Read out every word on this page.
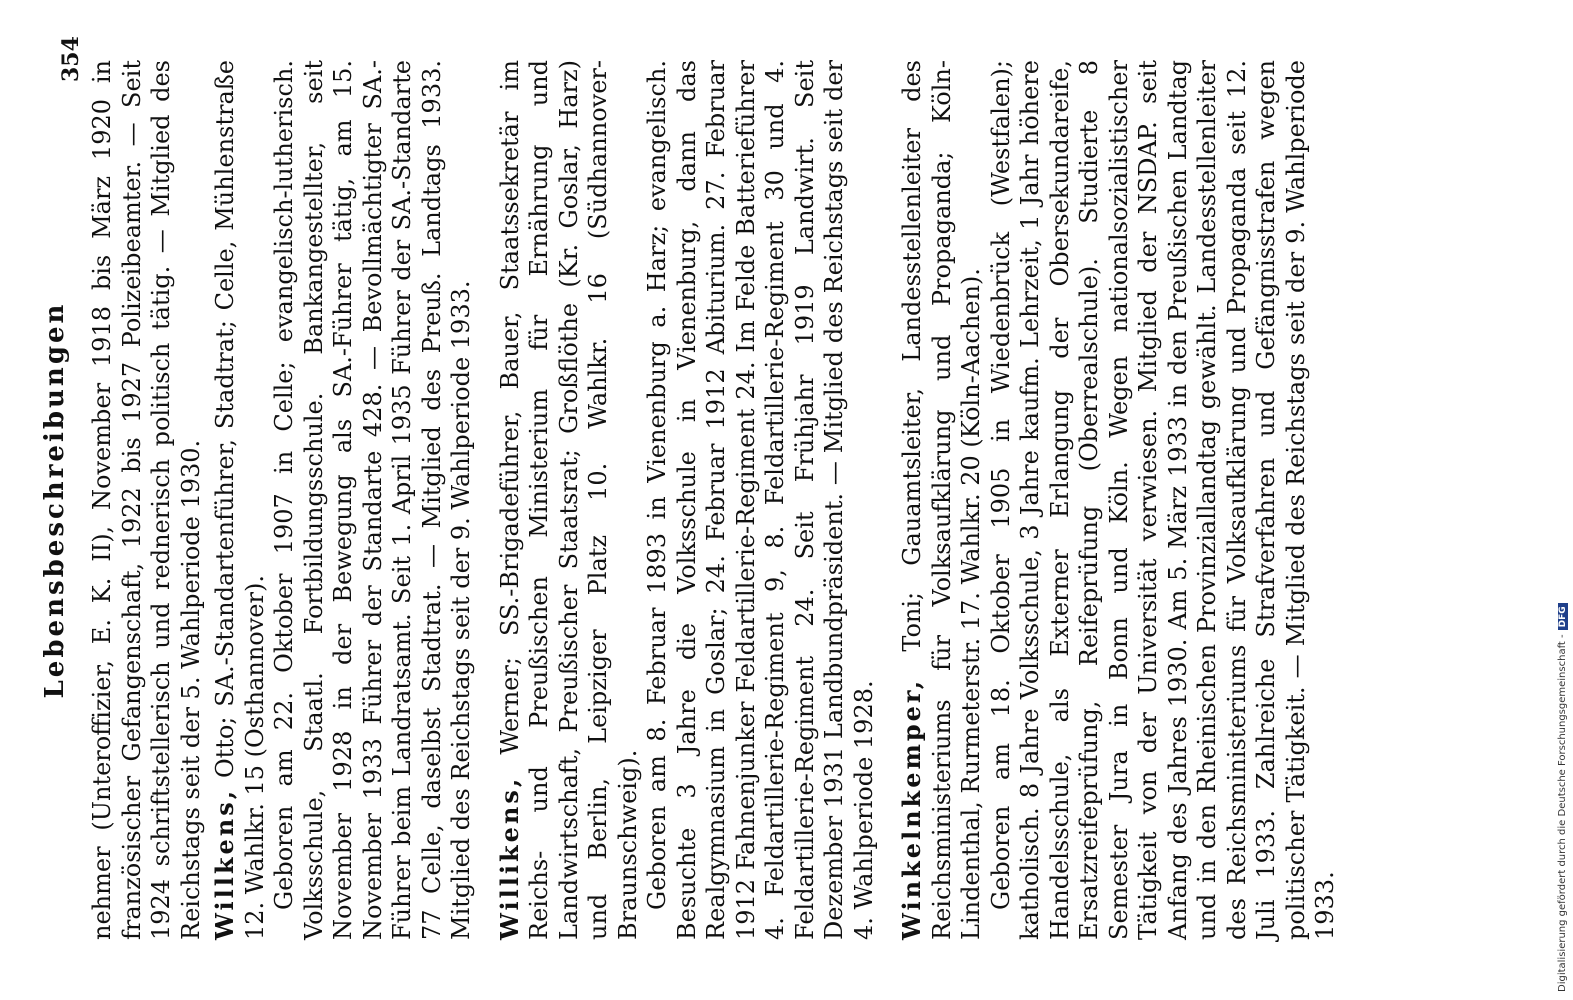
Lebensbeschreibungen nehmer (Unteroffizier, E. K. II), November 1918 bis März 1920 in französischer Gefangenschaft, 1922 bis 1927 Polizeibeamter. — Seit 1924 schriftstellerisch und rednerisch politisch tätig. — Mitglied des Reichstags seit der 5. Wahlperiode 1930. Willkens, Otto; SA.-Standartenführer, Stadtrat; Celle, Mühlenstraße 12. Wahlkr. 15 (Osthannover). Geboren am 22. Oktober 1907 in Celle; evangelisch-lutherisch. Volksschule, Staatl. Fortbildungsschule. Bankangestellter, seit November 1928 in der Bewegung als SA.-Führer tätig, am 15. November 1933 Führer der Standarte 428. — Bevollmächtigter SA.-Führer beim Landratsamt. Seit 1. April 1935 Führer der SA.-Standarte 77 Celle, daselbst Stadtrat. — Mitglied des Preuß. Landtags 1933. Mitglied des Reichstags seit der 9. Wahlperiode 1933. Willikens, Werner; SS.-Brigadeführer, Bauer, Staatssekretär im Reichs- und Preußischen Ministerium für Ernährung und Landwirtschaft, Preußischer Staatsrat; Großflöthe (Kr. Goslar, Harz) und Berlin, Leipziger Platz 10. Wahlkr. 16 (Südhannover-Braunschweig). Geboren am 8. Februar 1893 in Vienenburg a. Harz; evangelisch. Besuchte 3 Jahre die Volksschule in Vienenburg, dann das Realgymnasium in Goslar; 24. Februar 1912 Abiturium. 27. Februar 1912 Fahnenjunker Feldartillerie-Regiment 24. Im Felde Batterieführer 4. Feldartillerie-Regiment 9, 8. Feldartillerie-Regiment 30 und 4. Feldartillerie-Regiment 24. Seit Frühjahr 1919 Landwirt. Seit Dezember 1931 Landbundpräsident. — Mitglied des Reichstags seit der 4. Wahlperiode 1928. Winkelnkemper, Toni; Gauamtsleiter, Landesstellenleiter des Reichsministeriums für Volksaufklärung und Propaganda; Köln-Lindenthal, Rurmeterstr. 17. Wahlkr. 20 (Köln-Aachen). Geboren am 18. Oktober 1905 in Wiedenbrück (Westfalen); katholisch. 8 Jahre Volksschule, 3 Jahre kaufm. Lehrzeit, 1 Jahr höhere Handelsschule, als Externer Erlangung der Obersekundareife, Ersatzreifeprüfung, Reifeprüfung (Oberrealschule). Studierte 8 Semester Jura in Bonn und Köln. Wegen nationalsozialistischer Tätigkeit von der Universität verwiesen. Mitglied der NSDAP. seit Anfang des Jahres 1930. Am 5. März 1933 in den Preußischen Landtag und in den Rheinischen Provinziallandtag gewählt. Landesstellenleiter des Reichsministeriums für Volksaufklärung und Propaganda seit 12. Juli 1933. Zahlreiche Strafverfahren und Gefängnisstrafen wegen politischer Tätigkeit. — Mitglied des Reichstags seit der 9. Wahlperiode 1933.

354
Digitalisierung gefördert durch die Deutsche Forschungsgemeinschaft -DFG
